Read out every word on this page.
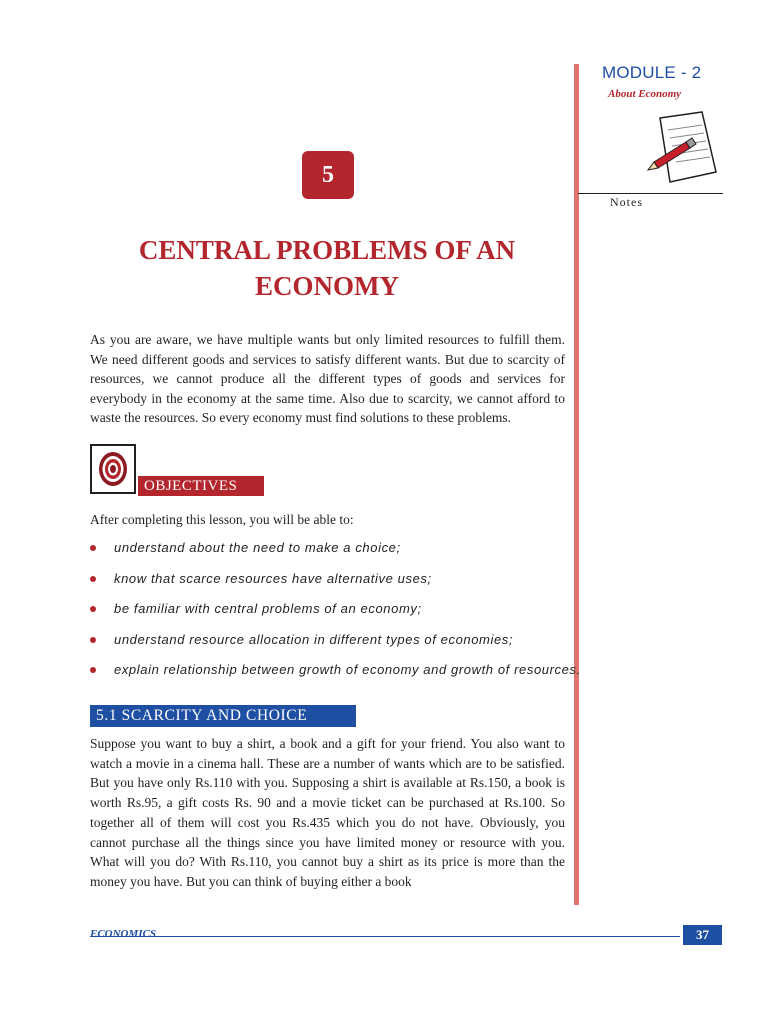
MODULE - 2
About Economy
Notes
5
CENTRAL PROBLEMS OF AN
ECONOMY

As you are aware, we have multiple wants but only limited resources to fulfill them. We need different goods and services to satisfy different wants. But due to scarcity of resources, we cannot produce all the different types of goods and services for everybody in the economy at the same time. Also due to scarcity, we cannot afford to waste the resources. So every economy must find solutions to these problems.

OBJECTIVES

After completing this lesson, you will be able to:

understand about the need to make a choice;
know that scarce resources have alternative uses;
be familiar with central problems of an economy;
understand resource allocation in different types of economies;
explain relationship between growth of economy and growth of resources.
5.1 SCARCITY AND CHOICE

Suppose you want to buy a shirt, a book and a gift for your friend. You also want to watch a movie in a cinema hall. These are a number of wants which are to be satisfied. But you have only Rs.110 with you. Supposing a shirt is available at Rs.150, a book is worth Rs.95, a gift costs Rs. 90 and a movie ticket can be purchased at Rs.100. So together all of them will cost you Rs.435 which you do not have. Obviously, you cannot purchase all the things since you have limited money or resource with you. What will you do? With Rs.110, you cannot buy a shirt as its price is more than the money you have. But you can think of buying either a book

ECONOMICS	37
